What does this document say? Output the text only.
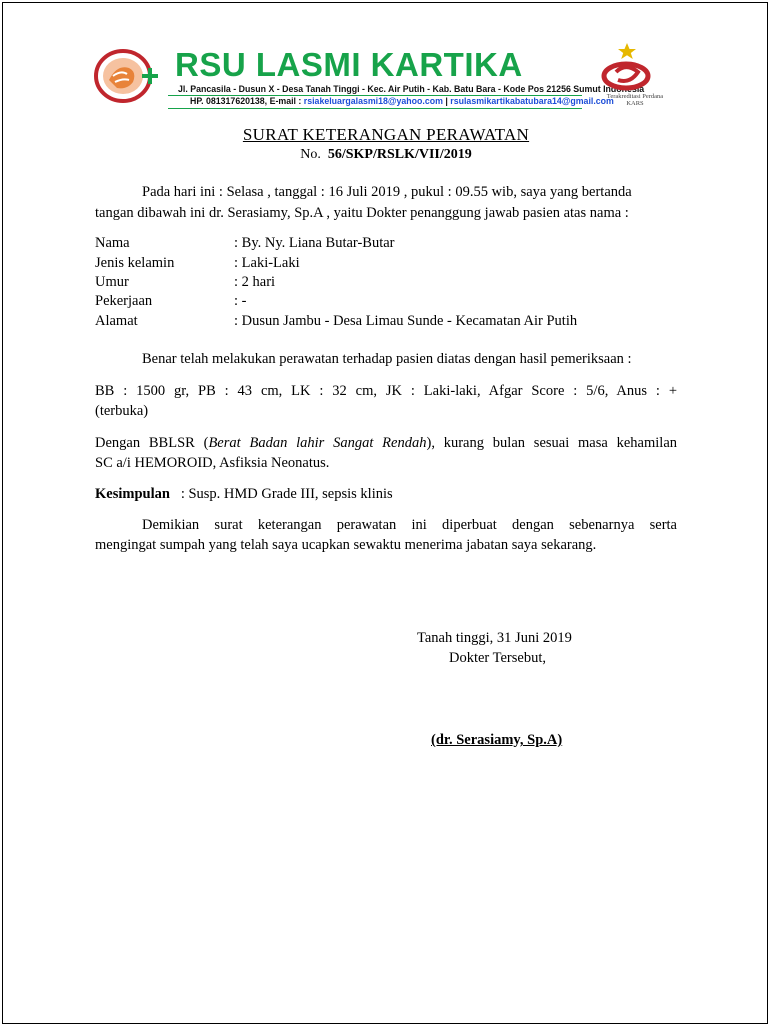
RSU LASMI KARTIKA
Jl. Pancasila - Dusun X - Desa Tanah Tinggi - Kec. Air Putih - Kab. Batu Bara - Kode Pos 21256 Sumut Indonesia
HP. 081317620138, E-mail : rsiakeluargalasmi18@yahoo.com | rsulasmikartikabatubara14@gmail.com
Terakreditasi Perdana
KARS
SURAT KETERANGAN PERAWATAN
No. 56/SKP/RSLK/VII/2019
Pada hari ini : Selasa , tanggal : 16 Juli 2019 , pukul : 09.55 wib, saya yang bertanda
tangan dibawah ini dr. Serasiamy, Sp.A , yaitu Dokter penanggung jawab pasien atas nama :
Nama	: By. Ny. Liana Butar-Butar
Jenis kelamin	: Laki-Laki
Umur	: 2 hari
Pekerjaan	: -
Alamat	: Dusun Jambu - Desa Limau Sunde - Kecamatan Air Putih
Benar telah melakukan perawatan terhadap pasien diatas dengan hasil pemeriksaan :
BB : 1500 gr, PB : 43 cm, LK : 32 cm, JK : Laki-laki, Afgar Score : 5/6, Anus : +
(terbuka)
Dengan BBLSR (Berat Badan lahir Sangat Rendah), kurang bulan sesuai masa kehamilan
SC a/i HEMOROID, Asfiksia Neonatus.
Kesimpulan : Susp. HMD Grade III, sepsis klinis
Demikian surat keterangan perawatan ini diperbuat dengan sebenarnya serta
mengingat sumpah yang telah saya ucapkan sewaktu menerima jabatan saya sekarang.
Tanah tinggi, 31 Juni 2019
Dokter Tersebut,
(dr. Serasiamy, Sp.A)
